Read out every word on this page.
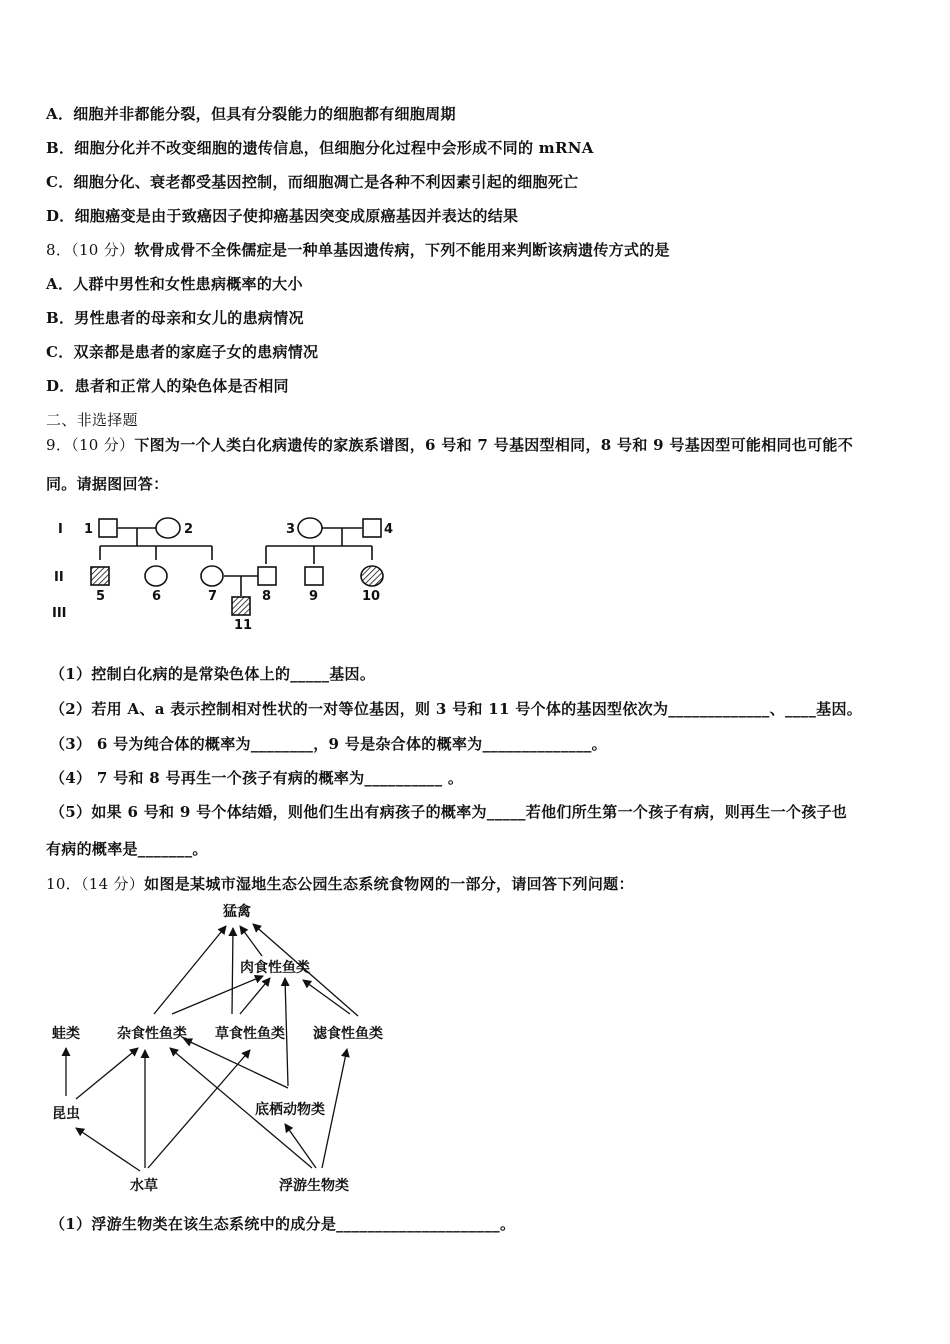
A．细胞并非都能分裂，但具有分裂能力的细胞都有细胞周期
B．细胞分化并不改变细胞的遗传信息，但细胞分化过程中会形成不同的 mRNA
C．细胞分化、衰老都受基因控制，而细胞凋亡是各种不利因素引起的细胞死亡
D．细胞癌变是由于致癌因子使抑癌基因突变成原癌基因并表达的结果
8．（10 分）软骨成骨不全侏儒症是一种单基因遗传病，下列不能用来判断该病遗传方式的是
A．人群中男性和女性患病概率的大小
B．男性患者的母亲和女儿的患病情况
C．双亲都是患者的家庭子女的患病情况
D．患者和正常人的染色体是否相同
二、非选择题
9．（10 分）下图为一个人类白化病遗传的家族系谱图，6 号和 7 号基因型相同，8 号和 9 号基因型可能相同也可能不
同。请据图回答：
I
II
III
1	2	3	4
5	6	7	8	9	10
11
（1）控制白化病的是常染色体上的_____基因。
（2）若用 A、a 表示控制相对性状的一对等位基因，则 3 号和 11 号个体的基因型依次为_____________、____基因。
（3） 6 号为纯合体的概率为________，9 号是杂合体的概率为______________。
（4） 7 号和 8 号再生一个孩子有病的概率为__________ 。
（5）如果 6 号和 9 号个体结婚，则他们生出有病孩子的概率为_____若他们所生第一个孩子有病，则再生一个孩子也
有病的概率是_______。
10．（14 分）如图是某城市湿地生态公园生态系统食物网的一部分，请回答下列问题：
猛禽
肉食性鱼类
蛙类	杂食性鱼类 草食性鱼类 滤食性鱼类
昆虫	底栖动物类
水草	浮游生物类
（1）浮游生物类在该生态系统中的成分是_____________________。
